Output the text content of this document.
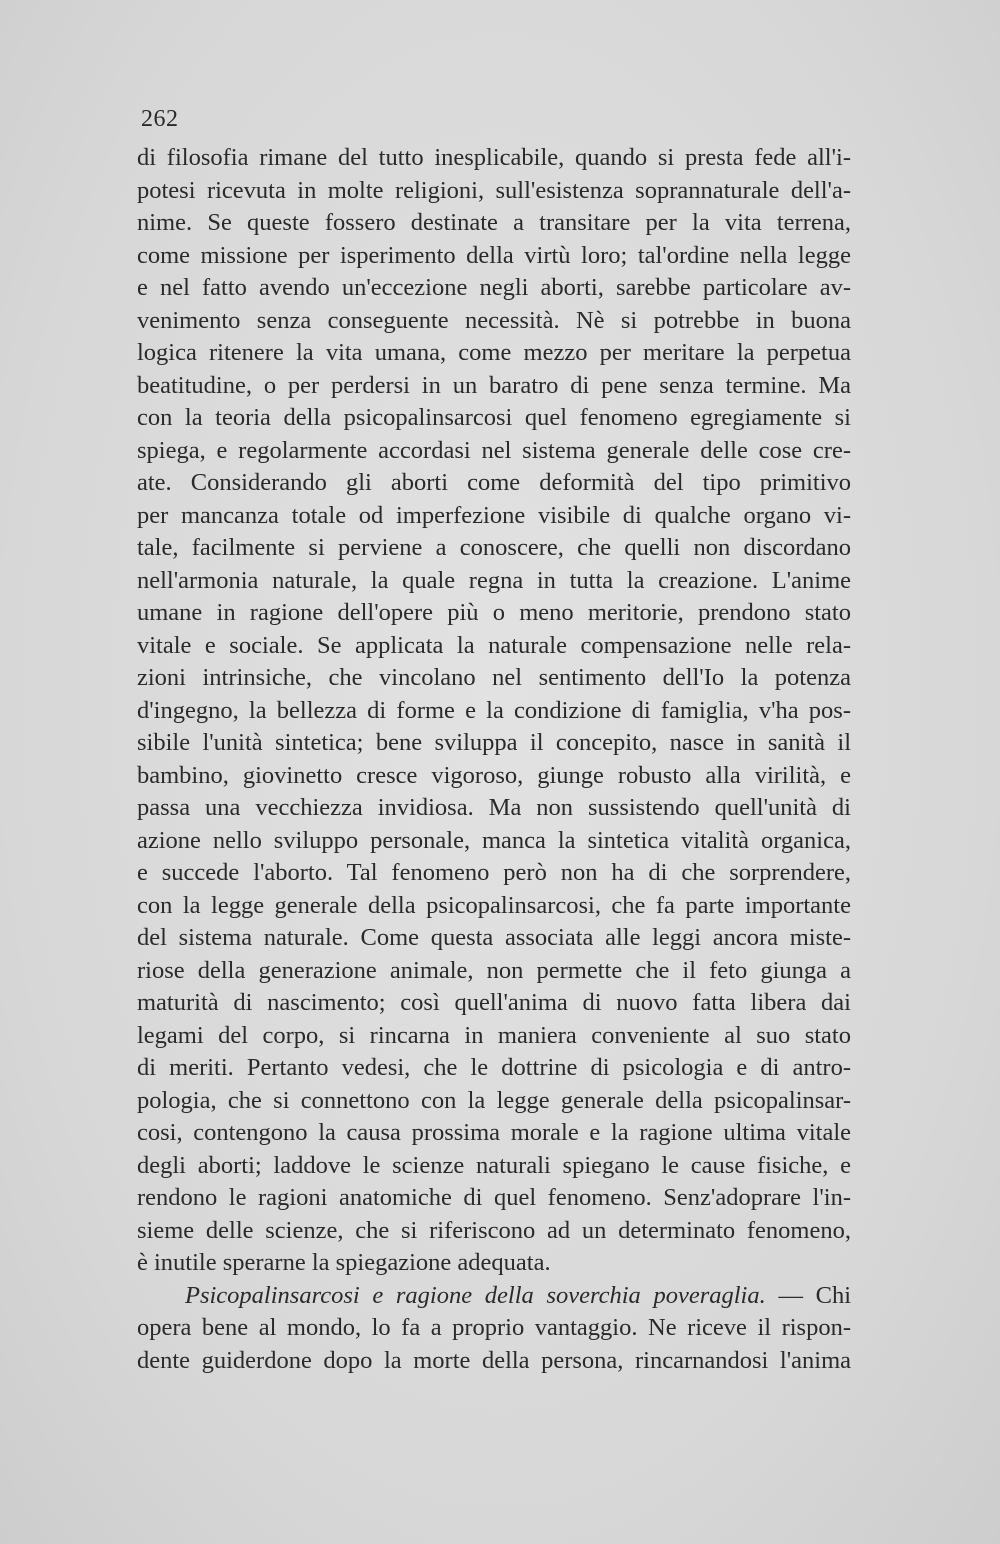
262
di filosofia rimane del tutto inesplicabile, quando si presta fede all'i-
potesi ricevuta in molte religioni, sull'esistenza soprannaturale dell'a-
nime. Se queste fossero destinate a transitare per la vita terrena,
come missione per isperimento della virtù loro; tal'ordine nella legge
e nel fatto avendo un'eccezione negli aborti, sarebbe particolare av-
venimento senza conseguente necessità. Nè si potrebbe in buona
logica ritenere la vita umana, come mezzo per meritare la perpetua
beatitudine, o per perdersi in un baratro di pene senza termine. Ma
con la teoria della psicopalinsarcosi quel fenomeno egregiamente si
spiega, e regolarmente accordasi nel sistema generale delle cose cre-
ate. Considerando gli aborti come deformità del tipo primitivo
per mancanza totale od imperfezione visibile di qualche organo vi-
tale, facilmente si perviene a conoscere, che quelli non discordano
nell'armonia naturale, la quale regna in tutta la creazione. L'anime
umane in ragione dell'opere più o meno meritorie, prendono stato
vitale e sociale. Se applicata la naturale compensazione nelle rela-
zioni intrinsiche, che vincolano nel sentimento dell'Io la potenza
d'ingegno, la bellezza di forme e la condizione di famiglia, v'ha pos-
sibile l'unità sintetica; bene sviluppa il concepito, nasce in sanità il
bambino, giovinetto cresce vigoroso, giunge robusto alla virilità, e
passa una vecchiezza invidiosa. Ma non sussistendo quell'unità di
azione nello sviluppo personale, manca la sintetica vitalità organica,
e succede l'aborto. Tal fenomeno però non ha di che sorprendere,
con la legge generale della psicopalinsarcosi, che fa parte importante
del sistema naturale. Come questa associata alle leggi ancora miste-
riose della generazione animale, non permette che il feto giunga a
maturità di nascimento; così quell'anima di nuovo fatta libera dai
legami del corpo, si rincarna in maniera conveniente al suo stato
di meriti. Pertanto vedesi, che le dottrine di psicologia e di antro-
pologia, che si connettono con la legge generale della psicopalinsar-
cosi, contengono la causa prossima morale e la ragione ultima vitale
degli aborti; laddove le scienze naturali spiegano le cause fisiche, e
rendono le ragioni anatomiche di quel fenomeno. Senz'adoprare l'in-
sieme delle scienze, che si riferiscono ad un determinato fenomeno,
è inutile sperarne la spiegazione adequata.
Psicopalinsarcosi e ragione della soverchia poveraglia. — Chi
opera bene al mondo, lo fa a proprio vantaggio. Ne riceve il rispon-
dente guiderdone dopo la morte della persona, rincarnandosi l'anima
